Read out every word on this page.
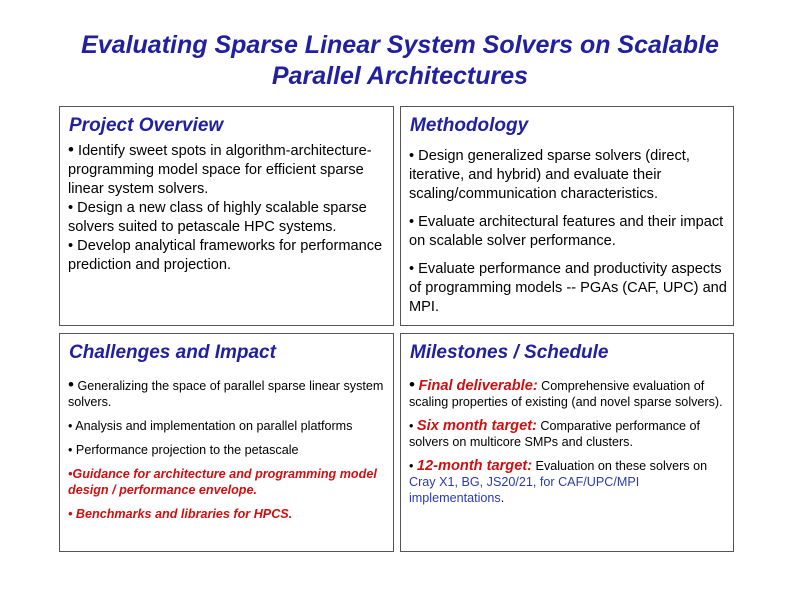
Evaluating Sparse Linear System Solvers on Scalable
Parallel Architectures
Project Overview

• Identify sweet spots in algorithm-architecture-programming model space for efficient sparse linear system solvers.

• Design a new class of highly scalable sparse solvers suited to petascale HPC systems.

• Develop analytical frameworks for performance prediction and projection.

Methodology

• Design generalized sparse solvers (direct, iterative, and hybrid) and evaluate their scaling/communication characteristics.

• Evaluate architectural features and their impact on scalable solver performance.

• Evaluate performance and productivity aspects of programming models -- PGAs (CAF, UPC) and MPI.

Challenges and Impact

• Generalizing the space of parallel sparse linear system solvers.

• Analysis and implementation on parallel platforms

• Performance projection to the petascale

•Guidance for architecture and programming model design / performance envelope.

• Benchmarks and libraries for HPCS.

Milestones / Schedule

• Final deliverable: Comprehensive evaluation of scaling properties of existing (and novel sparse solvers).

• Six month target: Comparative performance of solvers on multicore SMPs and clusters.

• 12-month target: Evaluation on these solvers on Cray X1, BG, JS20/21, for CAF/UPC/MPI implementations.
